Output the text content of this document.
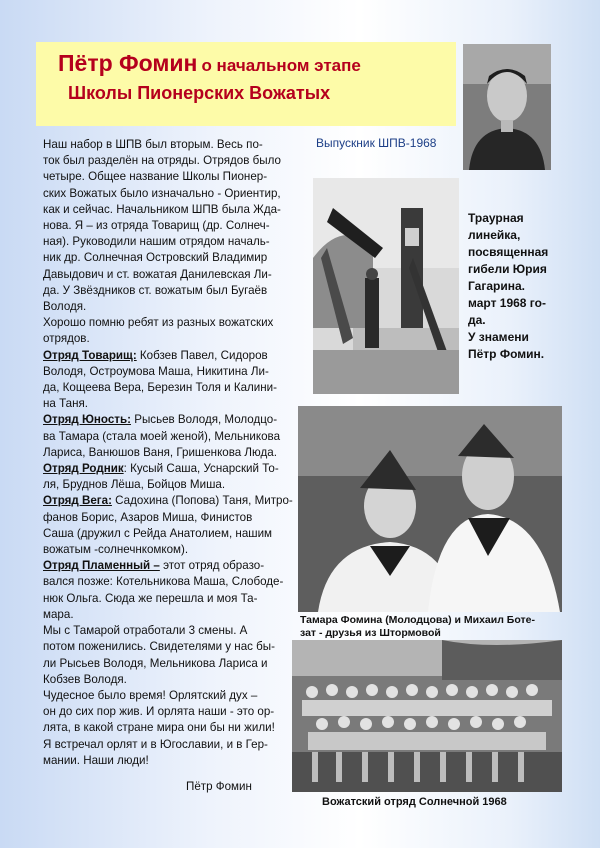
Пётр Фомин о начальном этапе
Школы Пионерских Вожатых
Выпускник ШПВ-1968

Траурная

линейка,

посвященная

гибели Юрия

Гагарина.

март 1968 го-

да.

У знамени

Пётр Фомин.

Тамара Фомина (Молодцова) и Михаил Боте-

зат - друзья из Штормовой

Вожатский отряд Солнечной 1968

Наш набор в ШПВ был вторым. Весь по-

ток был разделён на отряды. Отрядов было

четыре. Общее название Школы Пионер-

ских Вожатых было изначально - Ориентир,

как и сейчас. Начальником ШПВ была Жда-

нова. Я – из отряда Товарищ (др. Солнеч-

ная). Руководили нашим отрядом началь-

ник др. Солнечная Островский Владимир

Давыдович и ст. вожатая Данилевская Ли-

да. У Звёздников ст. вожатым был Бугаёв

Володя.

Хорошо помню ребят из разных вожатских

отрядов.

Отряд Товарищ: Кобзев Павел, Сидоров

Володя, Остроумова Маша, Никитина Ли-

да, Кощеева Вера, Березин Толя и Калини-

на Таня.

Отряд Юность: Рысьев Володя, Молодцо-

ва Тамара (стала моей женой), Мельникова

Лариса, Ванюшов Ваня, Гришенкова Люда.

Отряд Родник: Кусый Саша, Уснарский То-

ля, Бруднов Лёша, Бойцов Миша.

Отряд Вега: Садохина (Попова) Таня, Митро-

фанов Борис, Азаров Миша, Финистов

Саша (дружил с Рейда Анатолием, нашим

вожатым -солнечнкомком).

Отряд Пламенный – этот отряд образо-

вался позже: Котельникова Маша, Слободе-

нюк Ольга. Сюда же перешла и моя Та-

мара.

Мы с Тамарой отработали 3 смены. А

потом поженились. Свидетелями у нас бы-

ли Рысьев Володя, Мельникова Лариса и

Кобзев Володя.

Чудесное было время! Орлятский дух –

он до сих пор жив. И орлята наши - это ор-

лята, в какой стране мира они бы ни жили!

Я встречал орлят и в Югославии, и в Гер-

мании. Наши люди!

Пётр Фомин
